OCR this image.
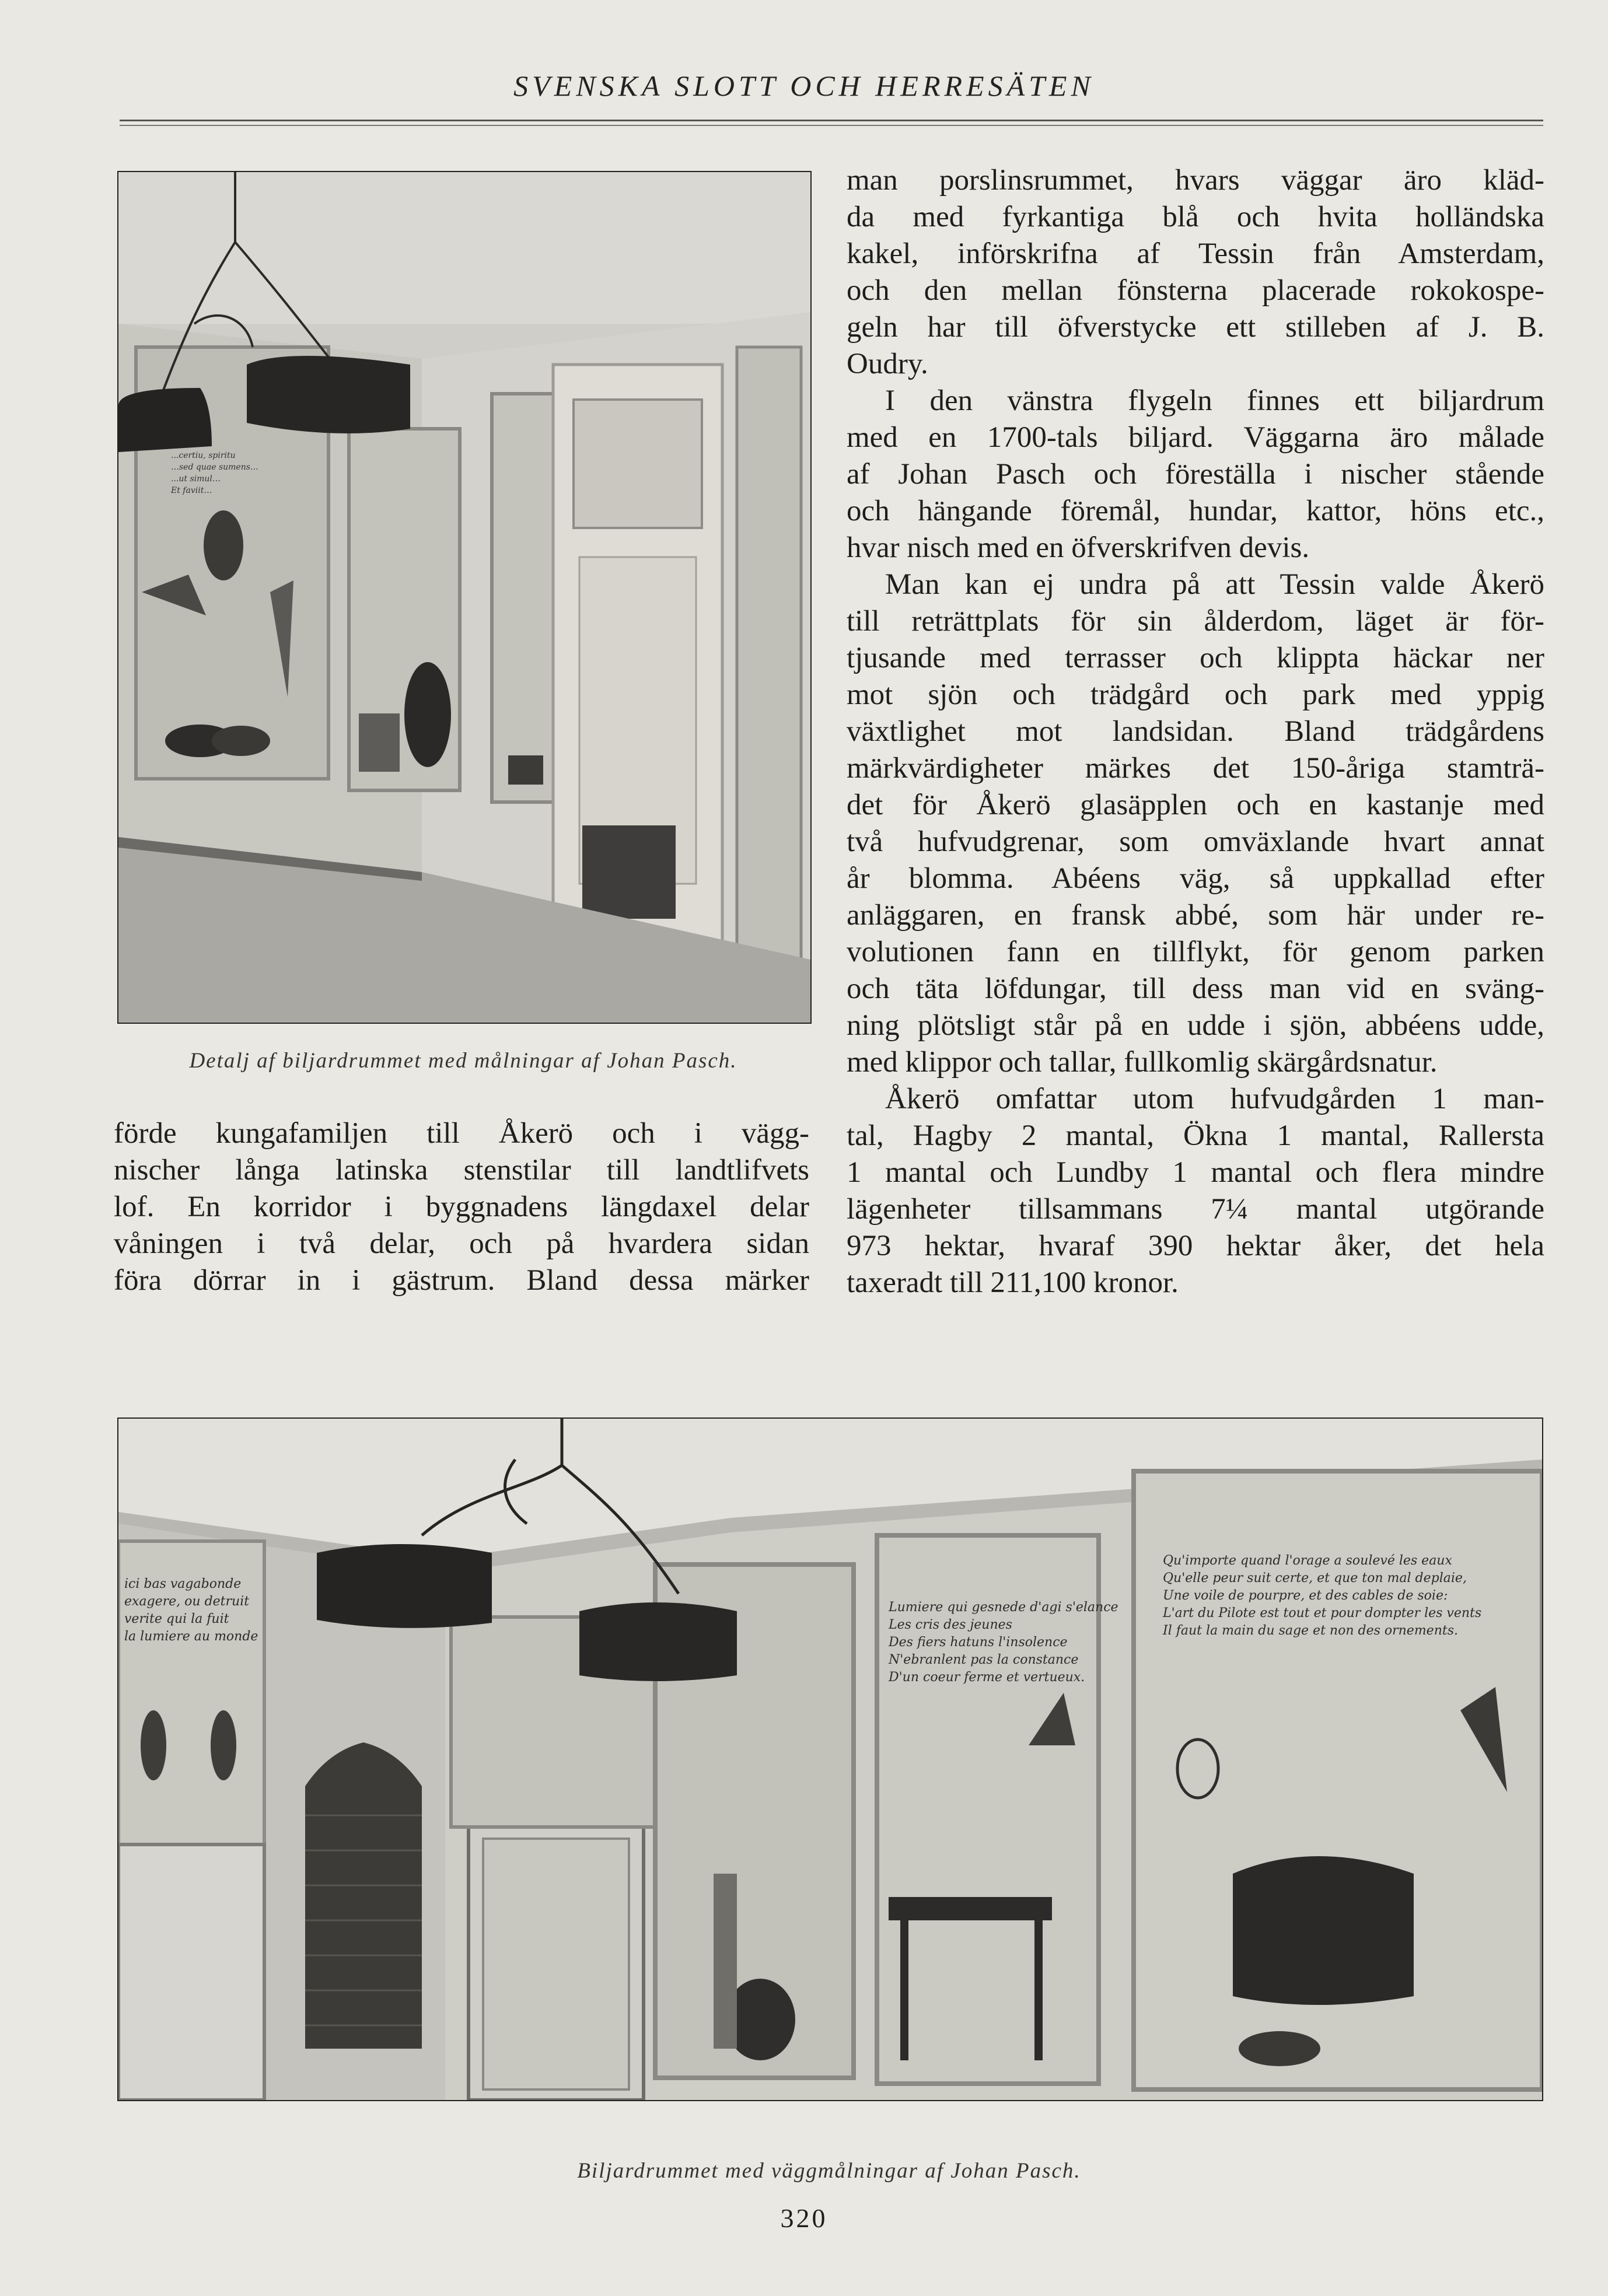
SVENSKA SLOTT OCH HERRESÄTEN
...certiu, spiritu
…sed quae sumens…
...ut simul…
Et faviit…
Detalj af biljardrummet med målningar af Johan Pasch.
förde kungafamiljen till Åkerö och i vägg-
nischer långa latinska stenstilar till landtlifvets
lof. En korridor i byggnadens längdaxel delar
våningen i två delar, och på hvardera sidan
föra dörrar in i gästrum. Bland dessa märker

man porslinsrummet, hvars väggar äro kläd-
da med fyrkantiga blå och hvita holländska
kakel, införskrifna af Tessin från Amsterdam,
och den mellan fönsterna placerade rokokospe-
geln har till öfverstycke ett stilleben af J. B.
Oudry.

I den vänstra flygeln finnes ett biljardrum
med en 1700-tals biljard. Väggarna äro målade
af Johan Pasch och föreställa i nischer stående
och hängande föremål, hundar, kattor, höns etc.,
hvar nisch med en öfverskrifven devis.

Man kan ej undra på att Tessin valde Åkerö
till reträttplats för sin ålderdom, läget är för-
tjusande med terrasser och klippta häckar ner
mot sjön och trädgård och park med yppig
växtlighet mot landsidan. Bland trädgårdens
märkvärdigheter märkes det 150-åriga stamträ-
det för Åkerö glasäpplen och en kastanje med
två hufvudgrenar, som omväxlande hvart annat
år blomma. Abéens väg, så uppkallad efter
anläggaren, en fransk abbé, som här under re-
volutionen fann en tillflykt, för genom parken
och täta löfdungar, till dess man vid en sväng-
ning plötsligt står på en udde i sjön, abbéens udde,
med klippor och tallar, fullkomlig skärgårdsnatur.

Åkerö omfattar utom hufvudgården 1 man-
tal, Hagby 2 mantal, Ökna 1 mantal, Rallersta
1 mantal och Lundby 1 mantal och flera mindre
lägenheter tillsammans 7¼ mantal utgörande
973 hektar, hvaraf 390 hektar åker, det hela
taxeradt till 211,100 kronor.

ici bas vagabonde
exagere, ou detruit
verite qui la fuit
la lumiere au monde
Lumiere qui gesnede d'agi s'elance
Les cris des jeunes
Des fiers hatuns l'insolence
N'ebranlent pas la constance
D'un coeur ferme et vertueux.
Qu'importe quand l'orage a soulevé les eaux
Qu'elle peur suit certe, et que ton mal deplaie,
Une voile de pourpre, et des cables de soie:
L'art du Pilote est tout et pour dompter les vents
Il faut la main du sage et non des ornements.
Biljardrummet med väggmålningar af Johan Pasch.
320
